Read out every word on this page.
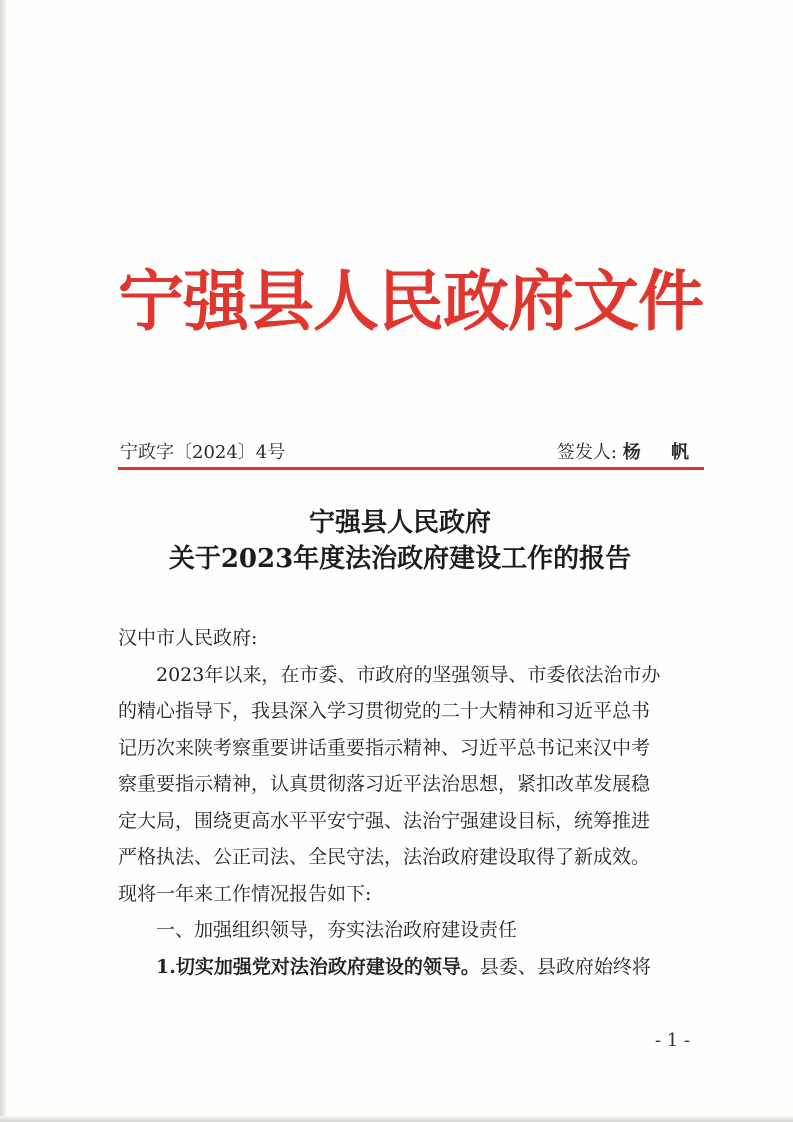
宁强县人民政府文件
宁政字〔2024〕4号	签发人: 杨 帆
宁强县人民政府
关于2023年度法治政府建设工作的报告

汉中市人民政府:

2023年以来，在市委、市政府的坚强领导、市委依法治市办

的精心指导下，我县深入学习贯彻党的二十大精神和习近平总书

记历次来陕考察重要讲话重要指示精神、习近平总书记来汉中考

察重要指示精神，认真贯彻落习近平法治思想，紧扣改革发展稳

定大局，围绕更高水平平安宁强、法治宁强建设目标，统筹推进

严格执法、公正司法、全民守法，法治政府建设取得了新成效。

现将一年来工作情况报告如下:

一、加强组织领导，夯实法治政府建设责任

1.切实加强党对法治政府建设的领导。县委、县政府始终将

- 1 -
